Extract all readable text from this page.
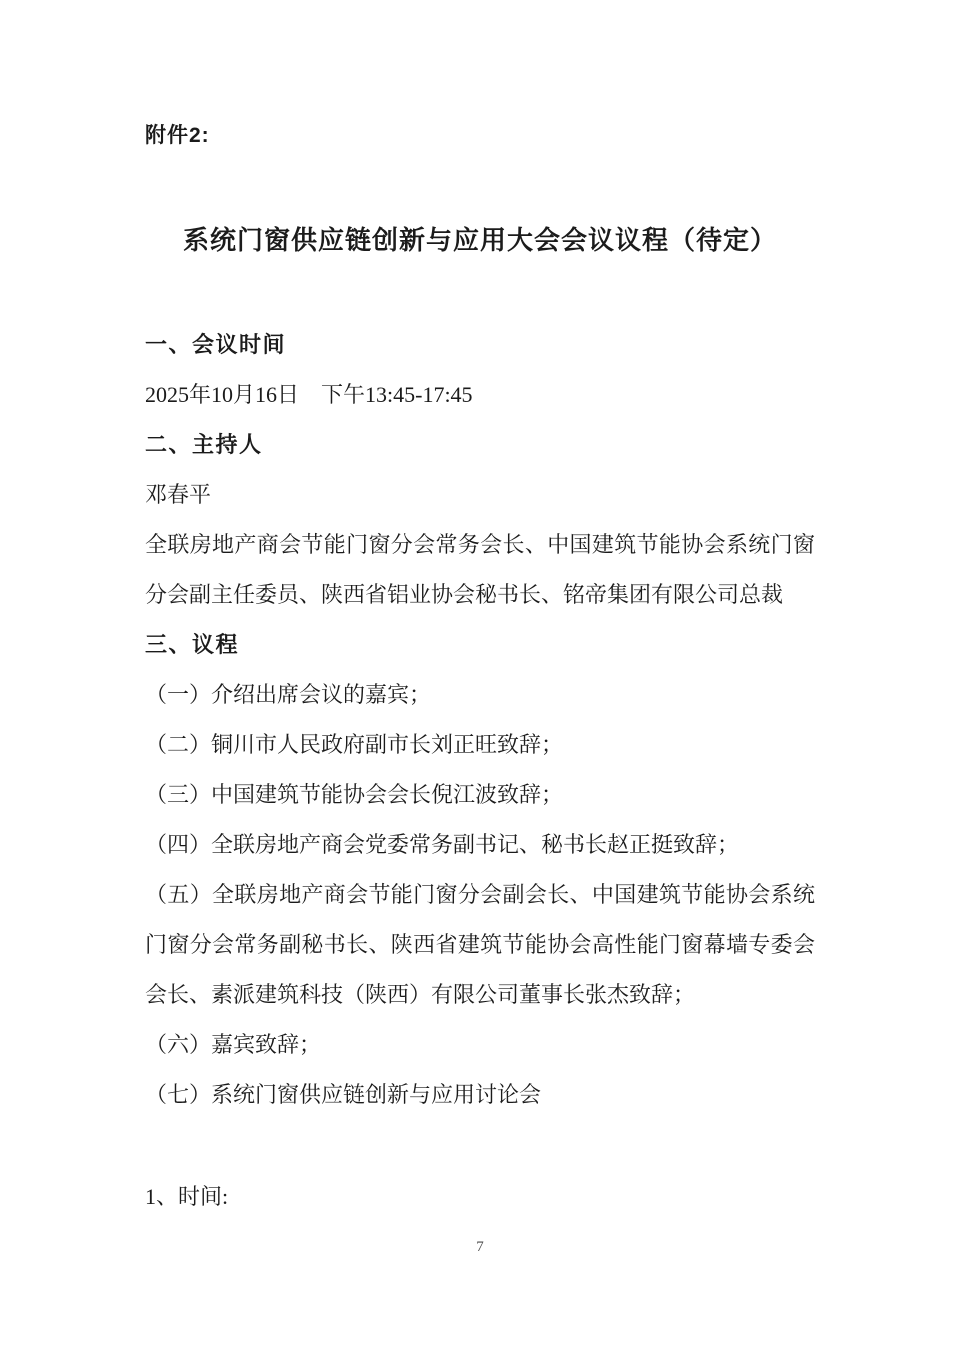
附件2:

系统门窗供应链创新与应用大会会议议程（待定）

一、会议时间

2025年10月16日　下午13:45-17:45

二、主持人

邓春平

全联房地产商会节能门窗分会常务会长、中国建筑节能协会系统门窗分会副主任委员、陕西省铝业协会秘书长、铭帝集团有限公司总裁

三、议程

（一）介绍出席会议的嘉宾；

（二）铜川市人民政府副市长刘正旺致辞；

（三）中国建筑节能协会会长倪江波致辞；

（四）全联房地产商会党委常务副书记、秘书长赵正挺致辞；

（五）全联房地产商会节能门窗分会副会长、中国建筑节能协会系统门窗分会常务副秘书长、陕西省建筑节能协会高性能门窗幕墙专委会会长、素派建筑科技（陕西）有限公司董事长张杰致辞；

（六）嘉宾致辞；

（七）系统门窗供应链创新与应用讨论会

1、时间:

7
